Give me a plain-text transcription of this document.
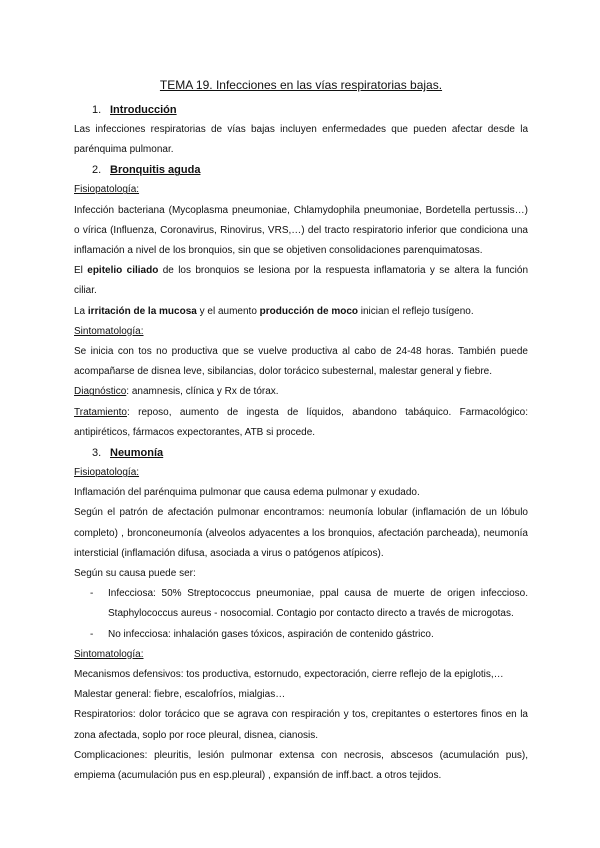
TEMA 19. Infecciones en las vías respiratorias bajas.
1. Introducción

Las infecciones respiratorias de vías bajas incluyen enfermedades que pueden afectar desde la parénquima pulmonar.

2. Bronquitis aguda

Fisiopatología:

Infección bacteriana (Mycoplasma pneumoniae, Chlamydophila pneumoniae, Bordetella pertussis…) o vírica (Influenza, Coronavirus, Rinovirus, VRS,…) del tracto respiratorio inferior que condiciona una inflamación a nivel de los bronquios, sin que se objetiven consolidaciones parenquimatosas.

El epitelio ciliado de los bronquios se lesiona por la respuesta inflamatoria y se altera la función ciliar.

La irritación de la mucosa y el aumento producción de moco inician el reflejo tusígeno.

Sintomatología:

Se inicia con tos no productiva que se vuelve productiva al cabo de 24-48 horas. También puede acompañarse de disnea leve, sibilancias, dolor torácico subesternal, malestar general y fiebre.

Diagnóstico: anamnesis, clínica y Rx de tórax.

Tratamiento: reposo, aumento de ingesta de líquidos, abandono tabáquico. Farmacológico: antipiréticos, fármacos expectorantes, ATB si procede.

3. Neumonía

Fisiopatología:

Inflamación del parénquima pulmonar que causa edema pulmonar y exudado.

Según el patrón de afectación pulmonar encontramos: neumonía lobular (inflamación de un lóbulo completo) , bronconeumonía (alveolos adyacentes a los bronquios, afectación parcheada), neumonía intersticial (inflamación difusa, asociada a virus o patógenos atípicos).

Según su causa puede ser:

- Infecciosa: 50% Streptococcus pneumoniae, ppal causa de muerte de origen infeccioso. Staphylococcus aureus - nosocomial. Contagio por contacto directo a través de microgotas.
- No infecciosa: inhalación gases tóxicos, aspiración de contenido gástrico.

Sintomatología:

Mecanismos defensivos: tos productiva, estornudo, expectoración, cierre reflejo de la epiglotis,…

Malestar general: fiebre, escalofríos, mialgias…

Respiratorios: dolor torácico que se agrava con respiración y tos, crepitantes o estertores finos en la zona afectada, soplo por roce pleural, disnea, cianosis.

Complicaciones: pleuritis, lesión pulmonar extensa con necrosis, abscesos (acumulación pus), empiema (acumulación pus en esp.pleural) , expansión de inff.bact. a otros tejidos.
